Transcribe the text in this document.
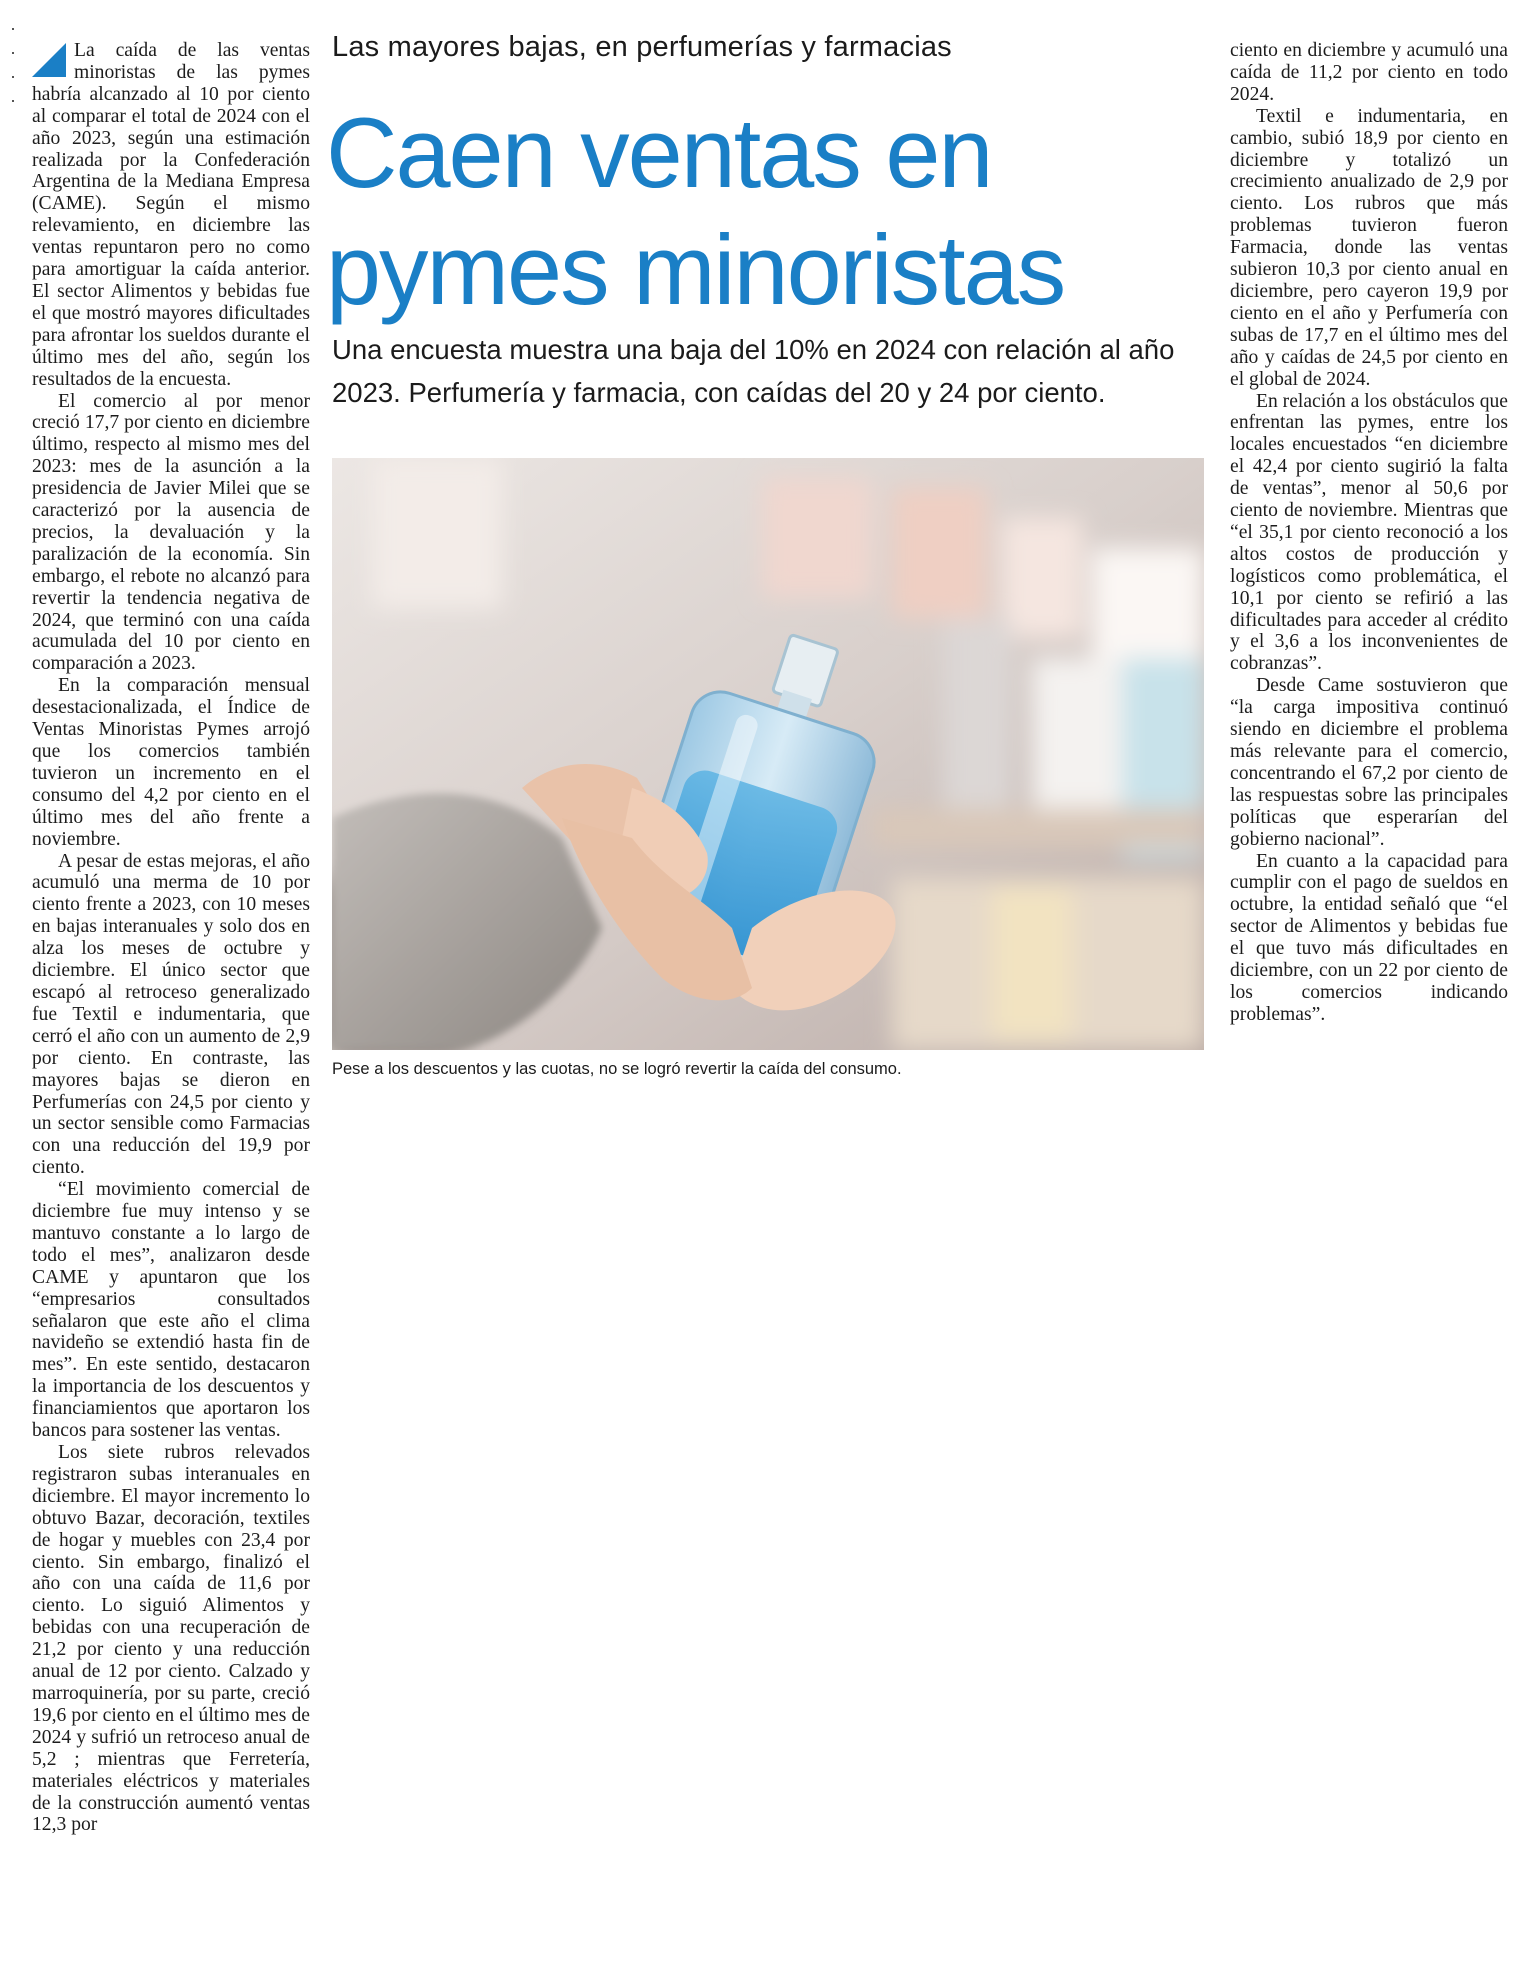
La caída de las ventas minoristas de las pymes habría alcanzado al 10 por ciento al comparar el total de 2024 con el año 2023, según una estimación realizada por la Confederación Argentina de la Mediana Empresa (CAME). Según el mismo relevamiento, en diciembre las ventas repuntaron pero no como para amortiguar la caída anterior. El sector Alimentos y bebidas fue el que mostró mayores dificultades para afrontar los sueldos durante el último mes del año, según los resultados de la encuesta.

El comercio al por menor creció 17,7 por ciento en diciembre último, respecto al mismo mes del 2023: mes de la asunción a la presidencia de Javier Milei que se caracterizó por la ausencia de precios, la devaluación y la paralización de la economía. Sin embargo, el rebote no alcanzó para revertir la tendencia negativa de 2024, que terminó con una caída acumulada del 10 por ciento en comparación a 2023.

En la comparación mensual desestacionalizada, el Índice de Ventas Minoristas Pymes arrojó que los comercios también tuvieron un incremento en el consumo del 4,2 por ciento en el último mes del año frente a noviembre.

A pesar de estas mejoras, el año acumuló una merma de 10 por ciento frente a 2023, con 10 meses en bajas interanuales y solo dos en alza los meses de octubre y diciembre. El único sector que escapó al retroceso generalizado fue Textil e indumentaria, que cerró el año con un aumento de 2,9 por ciento. En contraste, las mayores bajas se dieron en Perfumerías con 24,5 por ciento y un sector sensible como Farmacias con una reducción del 19,9 por ciento.

“El movimiento comercial de diciembre fue muy intenso y se mantuvo constante a lo largo de todo el mes”, analizaron desde CAME y apuntaron que los “empresarios consultados señalaron que este año el clima navideño se extendió hasta fin de mes”. En este sentido, destacaron la importancia de los descuentos y financiamientos que aportaron los bancos para sostener las ventas.

Los siete rubros relevados registraron subas interanuales en diciembre. El mayor incremento lo obtuvo Bazar, decoración, textiles de hogar y muebles con 23,4 por ciento. Sin embargo, finalizó el año con una caída de 11,6 por ciento. Lo siguió Alimentos y bebidas con una recuperación de 21,2 por ciento y una reducción anual de 12 por ciento. Calzado y marroquinería, por su parte, creció 19,6 por ciento en el último mes de 2024 y sufrió un retroceso anual de 5,2 ; mientras que Ferretería, materiales eléctricos y materiales de la construcción aumentó ventas 12,3 por

Las mayores bajas, en perfumerías y farmacias
Caen ventas en pymes minoristas
Una encuesta muestra una baja del 10% en 2024 con relación al año 2023. Perfumería y farmacia, con caídas del 20 y 24 por ciento.
Pese a los descuentos y las cuotas, no se logró revertir la caída del consumo.

ciento en diciembre y acumuló una caída de 11,2 por ciento en todo 2024.

Textil e indumentaria, en cambio, subió 18,9 por ciento en diciembre y totalizó un crecimiento anualizado de 2,9 por ciento. Los rubros que más problemas tuvieron fueron Farmacia, donde las ventas subieron 10,3 por ciento anual en diciembre, pero cayeron 19,9 por ciento en el año y Perfumería con subas de 17,7 en el último mes del año y caídas de 24,5 por ciento en el global de 2024.

En relación a los obstáculos que enfrentan las pymes, entre los locales encuestados “en diciembre el 42,4 por ciento sugirió la falta de ventas”, menor al 50,6 por ciento de noviembre. Mientras que “el 35,1 por ciento reconoció a los altos costos de producción y logísticos como problemática, el 10,1 por ciento se refirió a las dificultades para acceder al crédito y el 3,6 a los inconvenientes de cobranzas”.

Desde Came sostuvieron que “la carga impositiva continuó siendo en diciembre el problema más relevante para el comercio, concentrando el 67,2 por ciento de las respuestas sobre las principales políticas que esperarían del gobierno nacional”.

En cuanto a la capacidad para cumplir con el pago de sueldos en octubre, la entidad señaló que “el sector de Alimentos y bebidas fue el que tuvo más dificultades en diciembre, con un 22 por ciento de los comercios indicando problemas”.
